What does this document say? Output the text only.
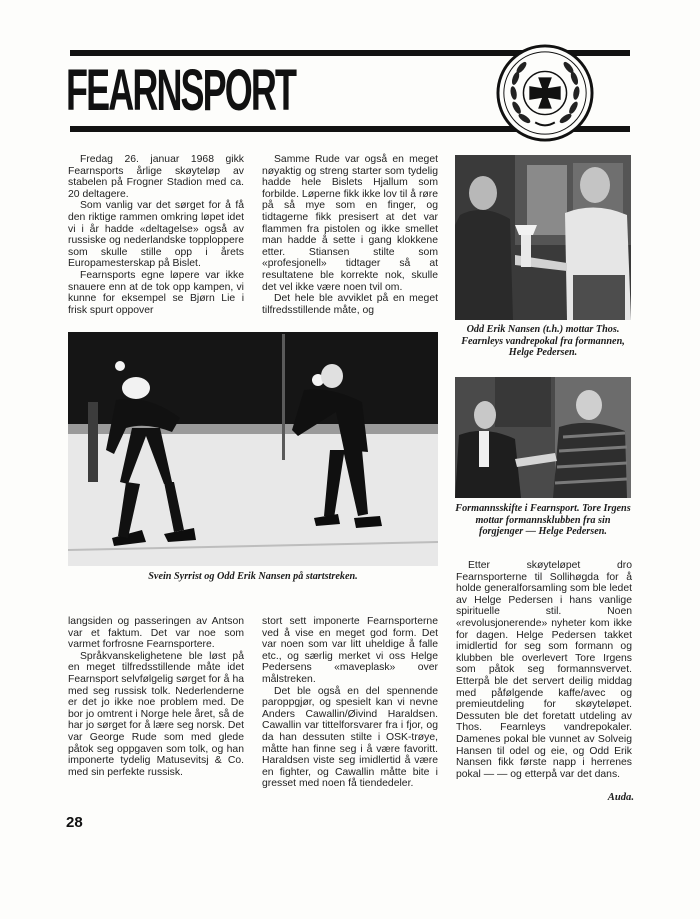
FEARNSPORT

Fredag 26. januar 1968 gikk Fearnsports årlige skøyteløp av stabelen på Frogner Stadion med ca. 20 deltagere.

Som vanlig var det sørget for å få den riktige rammen omkring løpet idet vi i år hadde «deltagelse» også av russiske og nederlandske topploppere som skulle stille opp i årets Europamesterskap på Bislet.

Fearnsports egne løpere var ikke snauere enn at de tok opp kampen, vi kunne for eksempel se Bjørn Lie i frisk spurt oppover

Samme Rude var også en meget nøyaktig og streng starter som tydelig hadde hele Bislets Hjallum som forbilde. Løperne fikk ikke lov til å røre på så mye som en finger, og tidtagerne fikk presisert at det var flammen fra pistolen og ikke smellet man hadde å sette i gang klokkene etter. Stiansen stilte som «profesjonell» tidtager så at resultatene ble korrekte nok, skulle det vel ikke være noen tvil om.

Det hele ble avviklet på en meget tilfredsstillende måte, og

Odd Erik Nansen (t.h.) mottar Thos. Fearnleys vandrepokal fra formannen, Helge Pedersen.
Svein Syrrist og Odd Erik Nansen på startstreken.
Formannsskifte i Fearnsport. Tore Irgens mottar formannsklubben fra sin forgjenger — Helge Pedersen.

langsiden og passeringen av Antson var et faktum. Det var noe som varmet forfrosne Fearnsportere.

Språkvanskelighetene ble løst på en meget tilfredsstillende måte idet Fearnsport selvfølgelig sørget for å ha med seg russisk tolk. Nederlenderne er det jo ikke noe problem med. De bor jo omtrent i Norge hele året, så de har jo sørget for å lære seg norsk. Det var George Rude som med glede påtok seg oppgaven som tolk, og han imponerte tydelig Matusevitsj & Co. med sin perfekte russisk.

stort sett imponerte Fearnsporterne ved å vise en meget god form. Det var noen som var litt uheldige å falle etc., og særlig merket vi oss Helge Pedersens «maveplask» over målstreken.

Det ble også en del spennende paroppgjør, og spesielt kan vi nevne Anders Cawallin/Øivind Haraldsen. Cawallin var tittelforsvarer fra i fjor, og da han dessuten stilte i OSK-trøye, måtte han finne seg i å være favoritt. Haraldsen viste seg imidlertid å være en fighter, og Cawallin måtte bite i gresset med noen få tiendedeler.

Etter skøyteløpet dro Fearnsporterne til Sollihøgda for å holde generalforsamling som ble ledet av Helge Pedersen i hans vanlige spirituelle stil. Noen «revolusjonerende» nyheter kom ikke for dagen. Helge Pedersen takket imidlertid for seg som formann og klubben ble overlevert Tore Irgens som påtok seg formannsvervet. Etterpå ble det servert deilig middag med påfølgende kaffe/avec og premieutdeling for skøyteløpet. Dessuten ble det foretatt utdeling av Thos. Fearnleys vandrepokaler. Damenes pokal ble vunnet av Solveig Hansen til odel og eie, og Odd Erik Nansen fikk første napp i herrenes pokal — — og etterpå var det dans.

Auda.
28
